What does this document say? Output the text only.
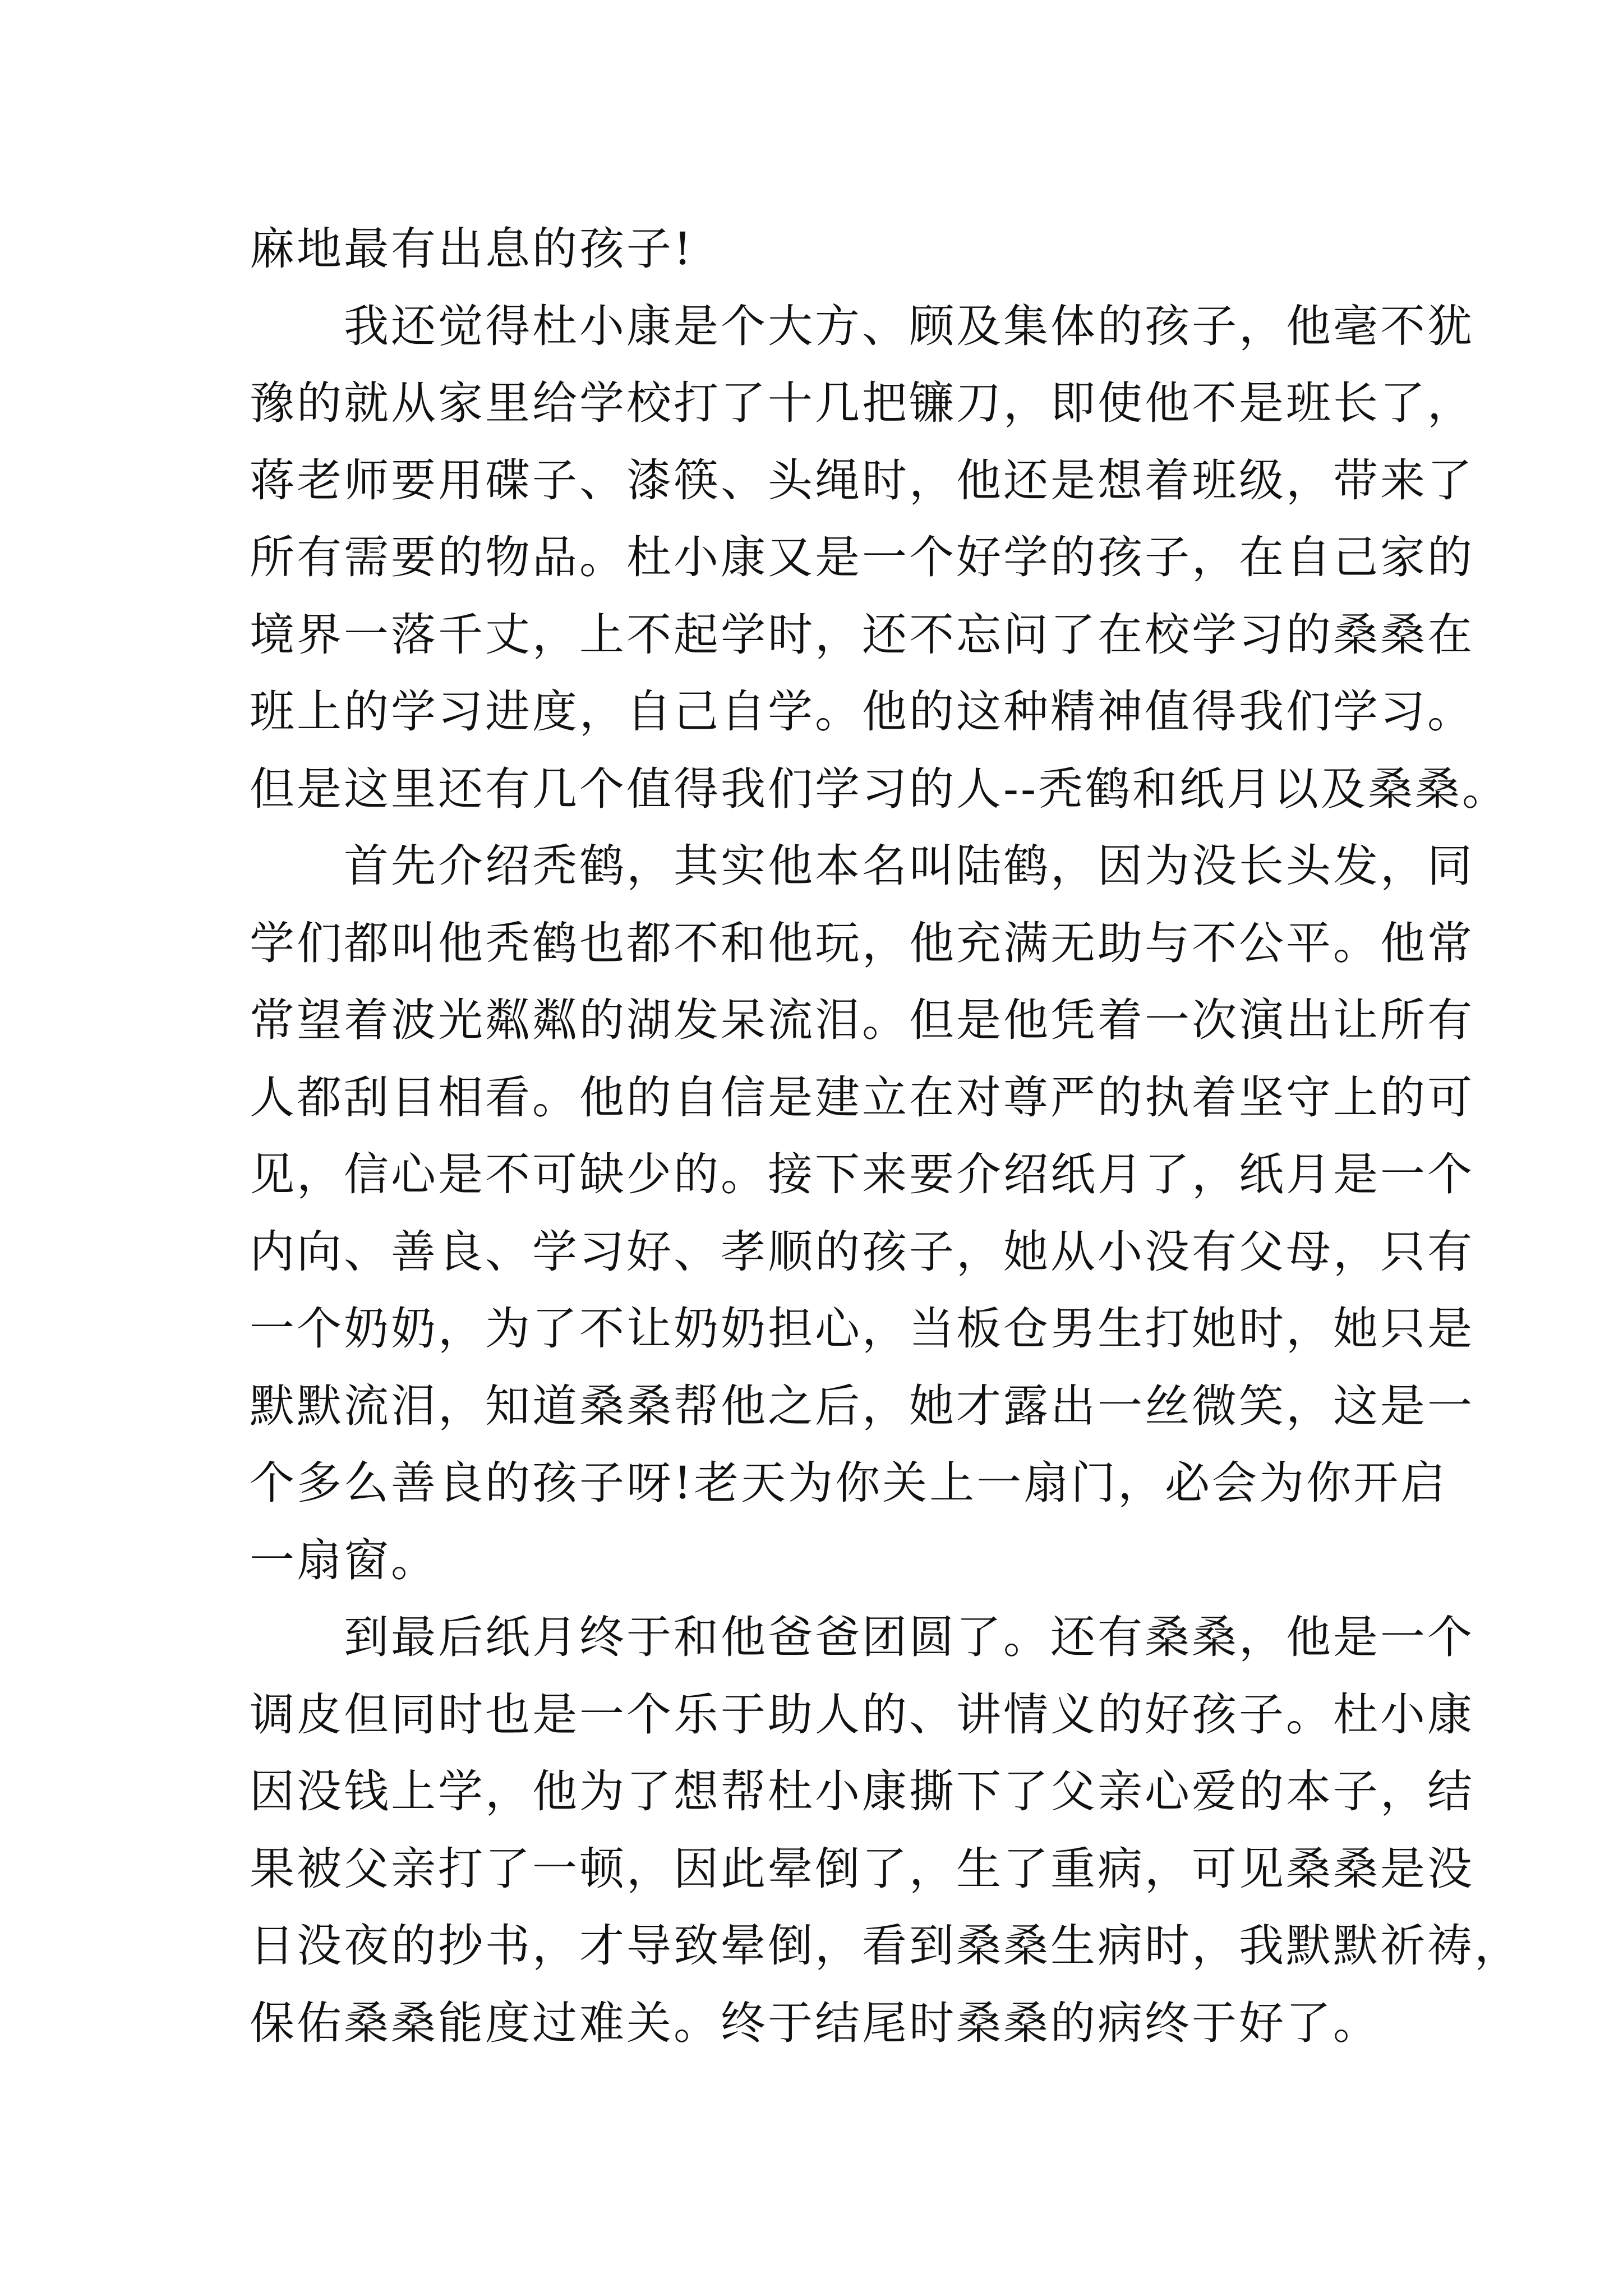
麻地最有出息的孩子!
　　我还觉得杜小康是个大方、顾及集体的孩子，他毫不犹
豫的就从家里给学校打了十几把镰刀，即使他不是班长了，
蒋老师要用碟子、漆筷、头绳时，他还是想着班级，带来了
所有需要的物品。杜小康又是一个好学的孩子，在自己家的
境界一落千丈，上不起学时，还不忘问了在校学习的桑桑在
班上的学习进度，自己自学。他的这种精神值得我们学习。
但是这里还有几个值得我们学习的人--秃鹤和纸月以及桑桑。
　　首先介绍秃鹤，其实他本名叫陆鹤，因为没长头发，同
学们都叫他秃鹤也都不和他玩，他充满无助与不公平。他常
常望着波光粼粼的湖发呆流泪。但是他凭着一次演出让所有
人都刮目相看。他的自信是建立在对尊严的执着坚守上的可
见，信心是不可缺少的。接下来要介绍纸月了，纸月是一个
内向、善良、学习好、孝顺的孩子，她从小没有父母，只有
一个奶奶，为了不让奶奶担心，当板仓男生打她时，她只是
默默流泪，知道桑桑帮他之后，她才露出一丝微笑，这是一
个多么善良的孩子呀!老天为你关上一扇门，必会为你开启
一扇窗。
　　到最后纸月终于和他爸爸团圆了。还有桑桑，他是一个
调皮但同时也是一个乐于助人的、讲情义的好孩子。杜小康
因没钱上学，他为了想帮杜小康撕下了父亲心爱的本子，结
果被父亲打了一顿，因此晕倒了，生了重病，可见桑桑是没
日没夜的抄书，才导致晕倒，看到桑桑生病时，我默默祈祷，
保佑桑桑能度过难关。终于结尾时桑桑的病终于好了。
